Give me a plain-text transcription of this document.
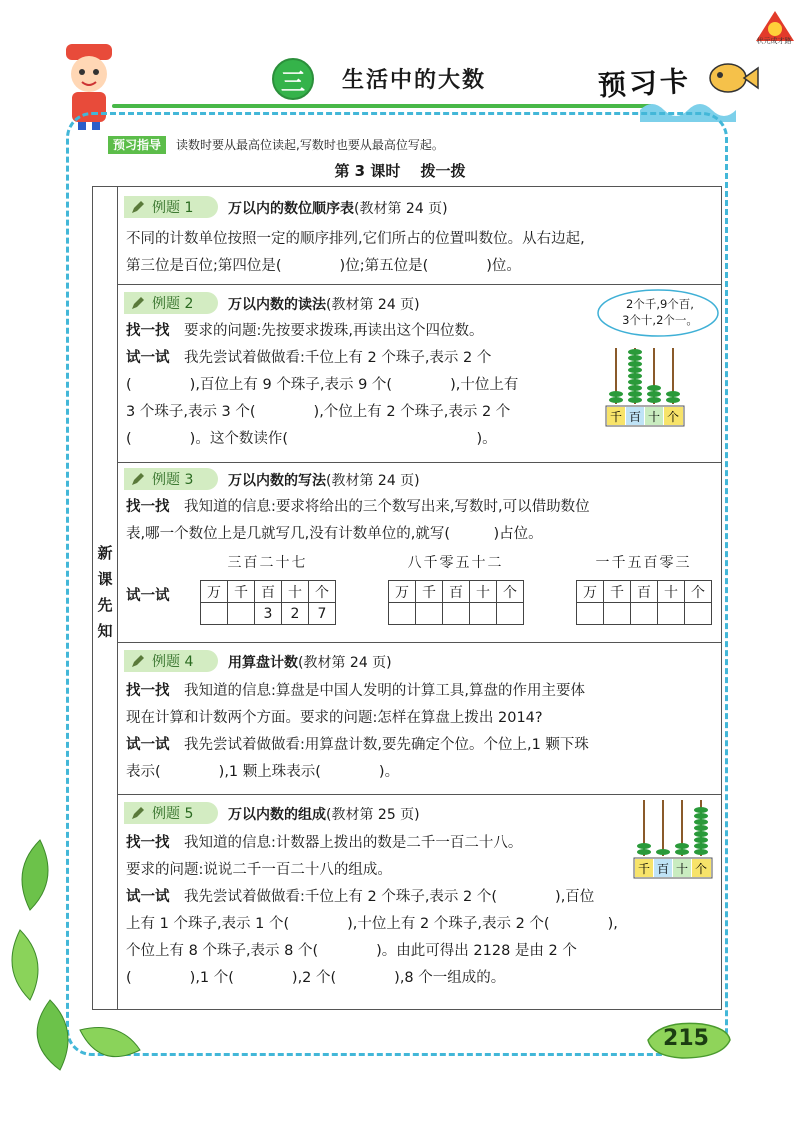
状元成才路
三	生活中的大数	预习卡
预习指导	读数时要从最高位读起,写数时也要从最高位写起。
第 3 课时　 拨一拨
新
课
先
知
例题 1 万以内的数位顺序表(教材第 24 页)
不同的计数单位按照一定的顺序排列,它们所占的位置叫数位。从右边起,
第三位是百位;第四位是(　　　　)位;第五位是(　　　　)位。
例题 2 万以内数的读法(教材第 24 页)
找一找　 要求的问题:先按要求拨珠,再读出这个四位数。
试一试　 我先尝试着做做看:千位上有 2 个珠子,表示 2 个
(　　　　),百位上有 9 个珠子,表示 9 个(　　　　),十位上有
3 个珠子,表示 3 个(　　　　),个位上有 2 个珠子,表示 2 个
(　　　　)。这个数读作(　　　　　　　　　　　　　)。
2个千,9个百,
3个十,2个一。
千 百 十 个
例题 3 万以内数的写法(教材第 24 页)
找一找　 我知道的信息:要求将给出的三个数写出来,写数时,可以借助数位
表,哪一个数位上是几就写几,没有计数单位的,就写(　　　)占位。
试一试
三百二十七
万	千	百	十	个
		3	2	7
八千零五十二
万	千	百	十	个

一千五百零三
万	千	百	十	个

例题 4 用算盘计数(教材第 24 页)
找一找　 我知道的信息:算盘是中国人发明的计算工具,算盘的作用主要体
现在计算和计数两个方面。要求的问题:怎样在算盘上拨出 2014?
试一试　 我先尝试着做做看:用算盘计数,要先确定个位。个位上,1 颗下珠
表示(　　　　),1 颗上珠表示(　　　　)。
例题 5 万以内数的组成(教材第 25 页)
找一找　 我知道的信息:计数器上拨出的数是二千一百二十八。
要求的问题:说说二千一百二十八的组成。
试一试　 我先尝试着做做看:千位上有 2 个珠子,表示 2 个(　　　　),百位
上有 1 个珠子,表示 1 个(　　　　),十位上有 2 个珠子,表示 2 个(　　　　),
个位上有 8 个珠子,表示 8 个(　　　　)。由此可得出 2128 是由 2 个
(　　　　),1 个(　　　　),2 个(　　　　),8 个一组成的。
千 百 十 个
215
